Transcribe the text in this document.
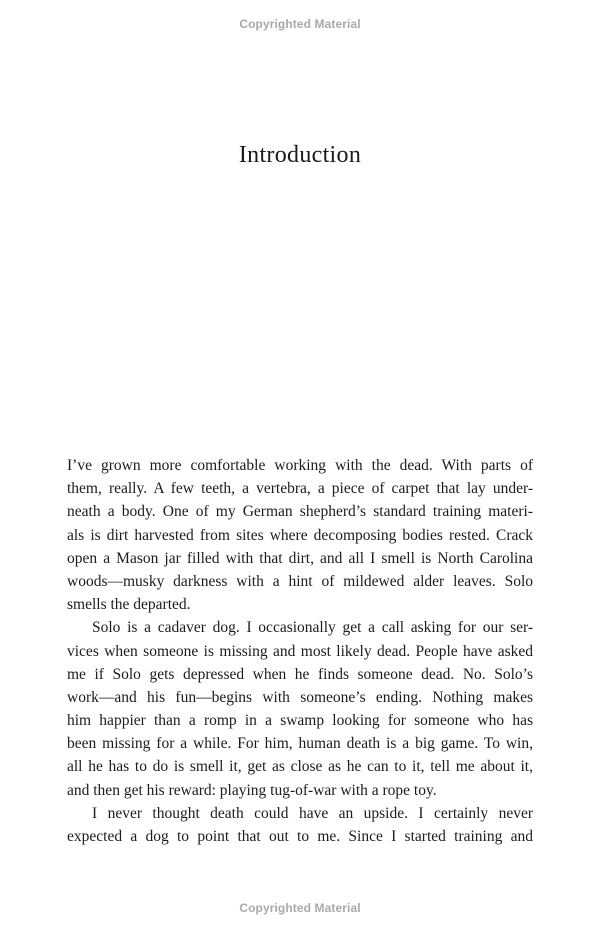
Copyrighted Material
Introduction
I’ve grown more comfortable working with the dead. With parts of
them, really. A few teeth, a vertebra, a piece of carpet that lay under-
neath a body. One of my German shepherd’s standard training materi-
als is dirt harvested from sites where decomposing bodies rested. Crack
open a Mason jar filled with that dirt, and all I smell is North Carolina
woods—musky darkness with a hint of mildewed alder leaves. Solo
smells the departed.
Solo is a cadaver dog. I occasionally get a call asking for our ser-
vices when someone is missing and most likely dead. People have asked
me if Solo gets depressed when he finds someone dead. No. Solo’s
work—and his fun—begins with someone’s ending. Nothing makes
him happier than a romp in a swamp looking for someone who has
been missing for a while. For him, human death is a big game. To win,
all he has to do is smell it, get as close as he can to it, tell me about it,
and then get his reward: playing tug-of-war with a rope toy.
I never thought death could have an upside. I certainly never
expected a dog to point that out to me. Since I started training and
Copyrighted Material
